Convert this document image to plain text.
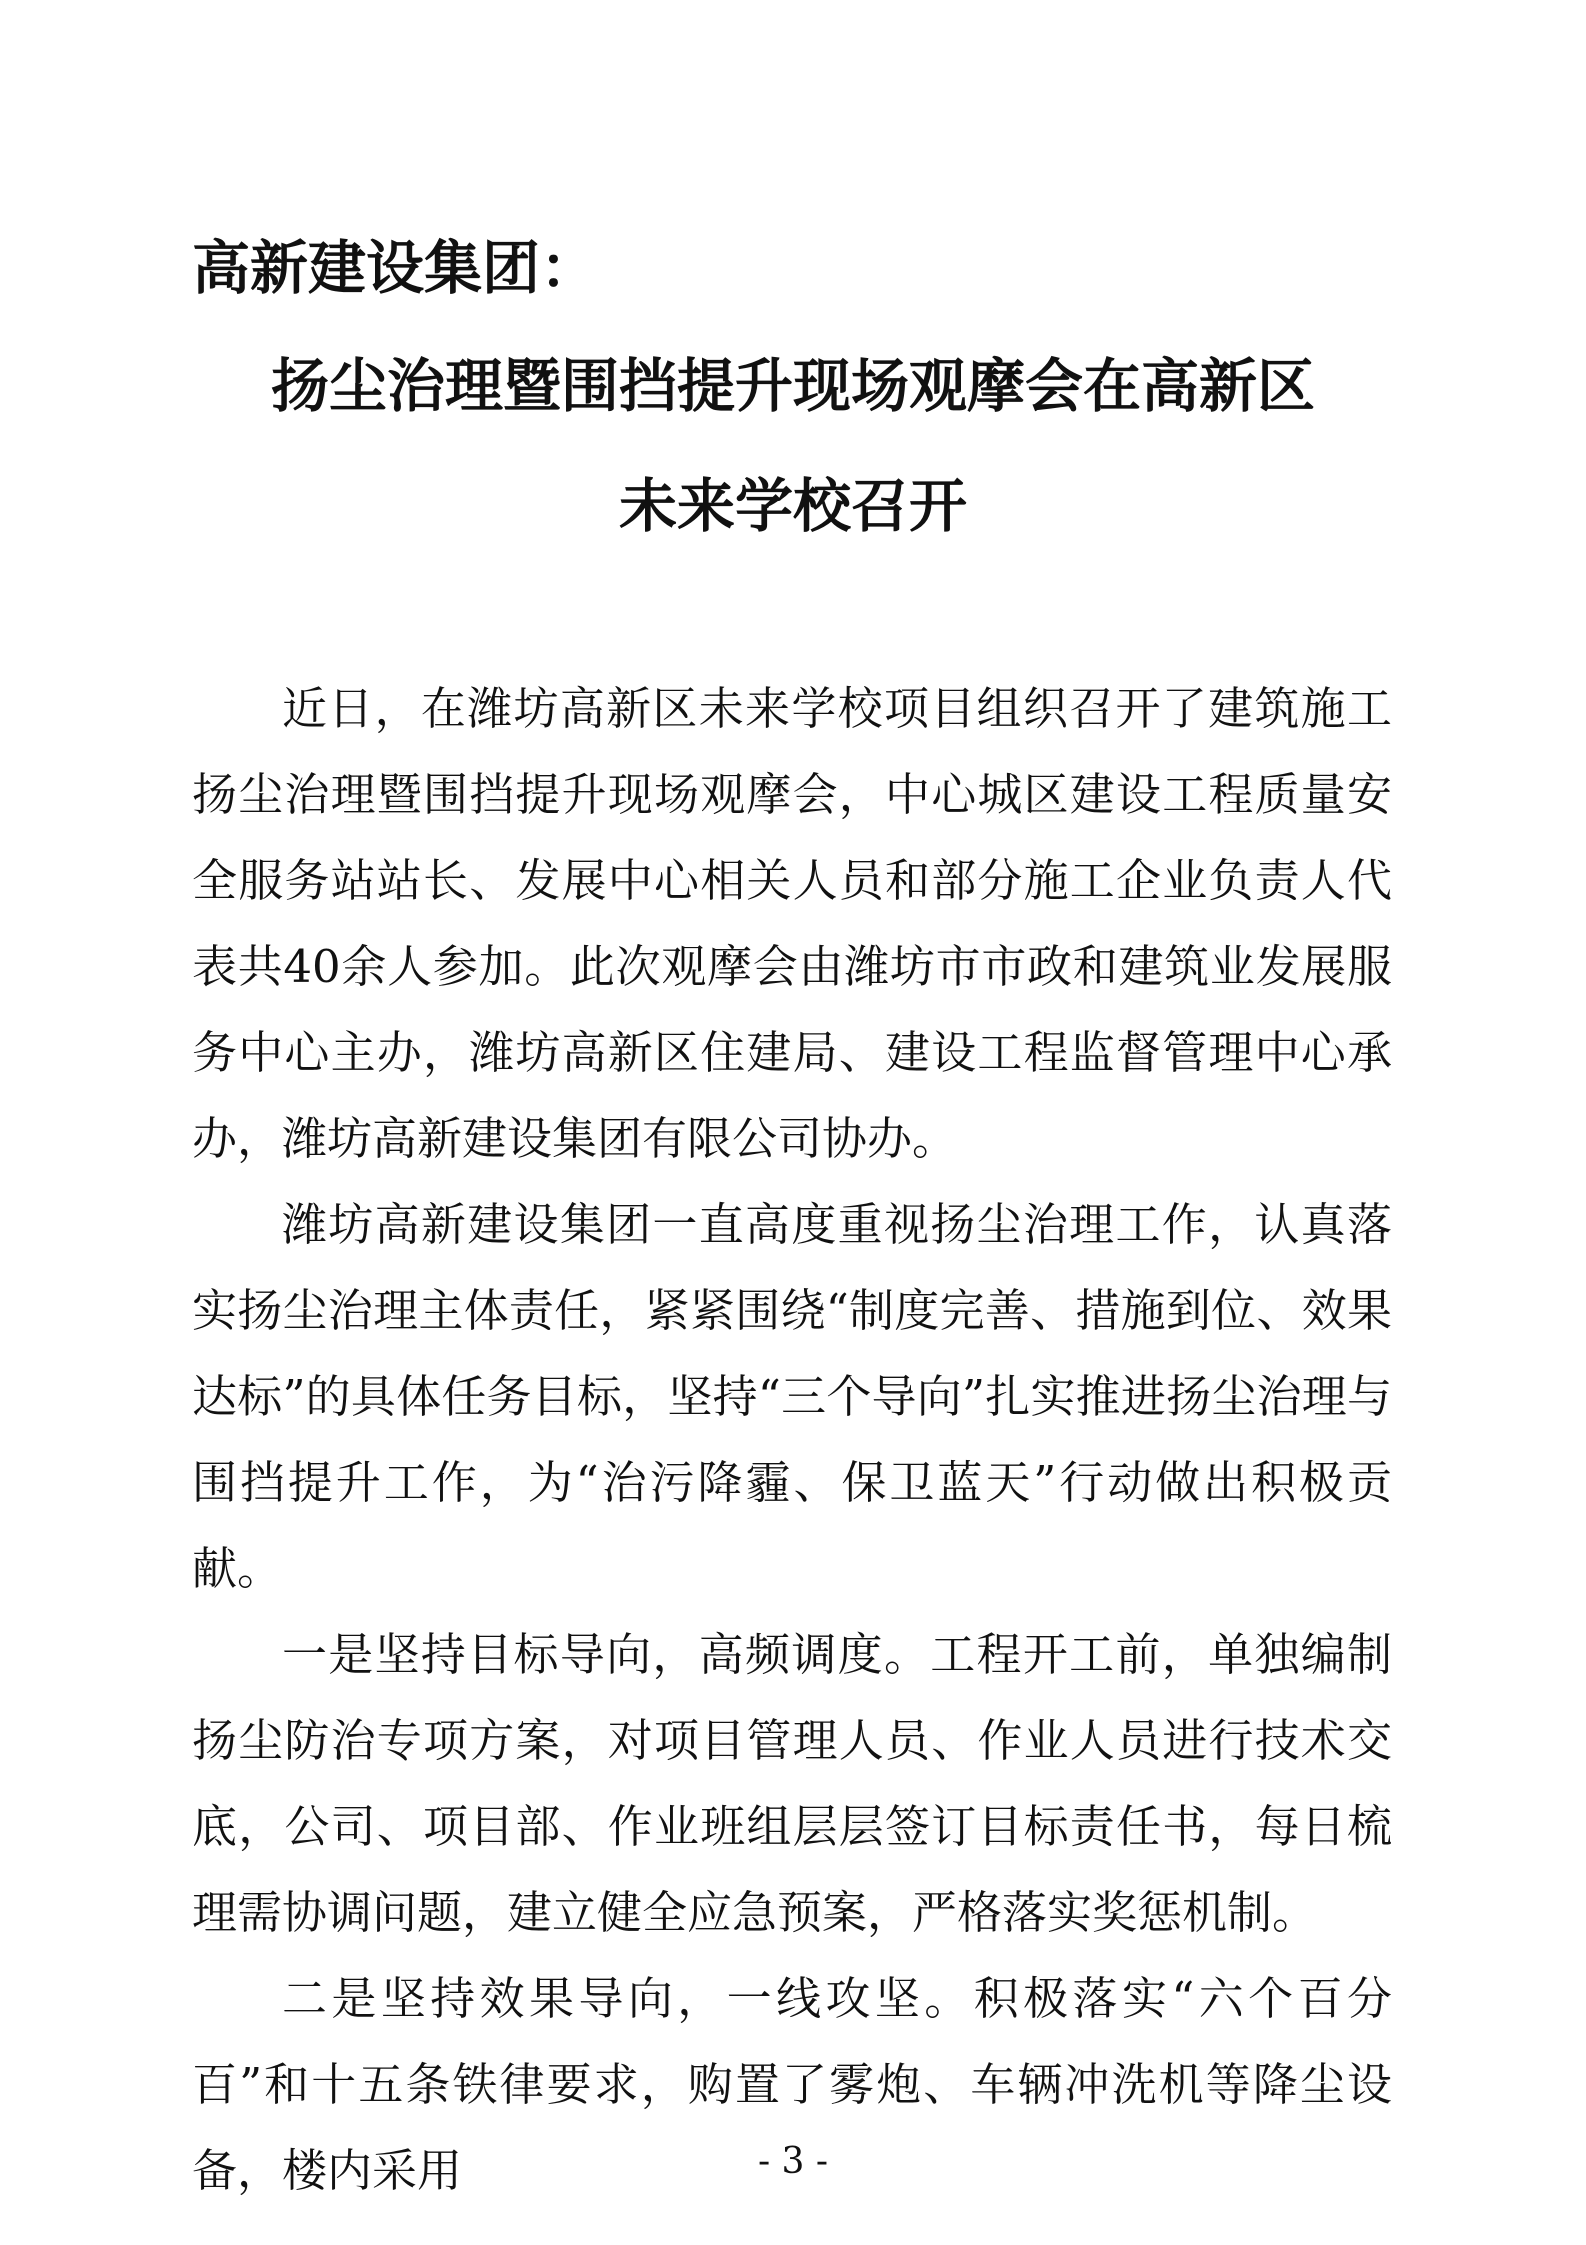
高新建设集团：
扬尘治理暨围挡提升现场观摩会在高新区
未来学校召开

近日，在潍坊高新区未来学校项目组织召开了建筑施工扬尘治理暨围挡提升现场观摩会，中心城区建设工程质量安全服务站站长、发展中心相关人员和部分施工企业负责人代表共40余人参加。此次观摩会由潍坊市市政和建筑业发展服务中心主办，潍坊高新区住建局、建设工程监督管理中心承办，潍坊高新建设集团有限公司协办。

潍坊高新建设集团一直高度重视扬尘治理工作，认真落实扬尘治理主体责任，紧紧围绕“制度完善、措施到位、效果达标”的具体任务目标，坚持“三个导向”扎实推进扬尘治理与围挡提升工作，为“治污降霾、保卫蓝天”行动做出积极贡献。

一是坚持目标导向，高频调度。工程开工前，单独编制扬尘防治专项方案，对项目管理人员、作业人员进行技术交底，公司、项目部、作业班组层层签订目标责任书，每日梳理需协调问题，建立健全应急预案，严格落实奖惩机制。

二是坚持效果导向，一线攻坚。积极落实“六个百分百”和十五条铁律要求，购置了雾炮、车辆冲洗机等降尘设备，楼内采用	- 3 -
